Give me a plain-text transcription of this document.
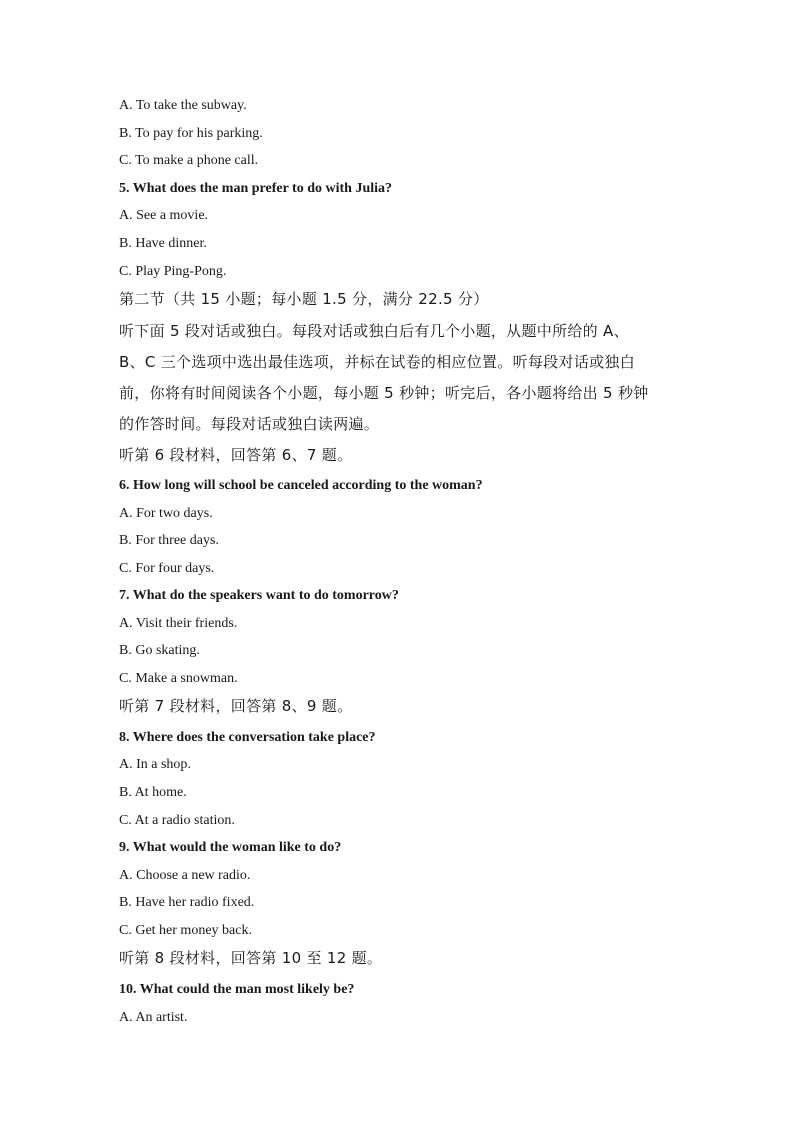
A. To take the subway.
B. To pay for his parking.
C. To make a phone call.
5. What does the man prefer to do with Julia?
A. See a movie.
B. Have dinner.
C. Play Ping-Pong.
第二节（共 15 小题；每小题 1.5 分，满分 22.5 分）
听下面 5 段对话或独白。每段对话或独白后有几个小题，从题中所给的 A、
B、C 三个选项中选出最佳选项，并标在试卷的相应位置。听每段对话或独白
前，你将有时间阅读各个小题，每小题 5 秒钟；听完后，各小题将给出 5 秒钟
的作答时间。每段对话或独白读两遍。
听第 6 段材料，回答第 6、7 题。
6. How long will school be canceled according to the woman?
A. For two days.
B. For three days.
C. For four days.
7. What do the speakers want to do tomorrow?
A. Visit their friends.
B. Go skating.
C. Make a snowman.
听第 7 段材料，回答第 8、9 题。
8. Where does the conversation take place?
A. In a shop.
B. At home.
C. At a radio station.
9. What would the woman like to do?
A. Choose a new radio.
B. Have her radio fixed.
C. Get her money back.
听第 8 段材料，回答第 10 至 12 题。
10. What could the man most likely be?
A. An artist.
